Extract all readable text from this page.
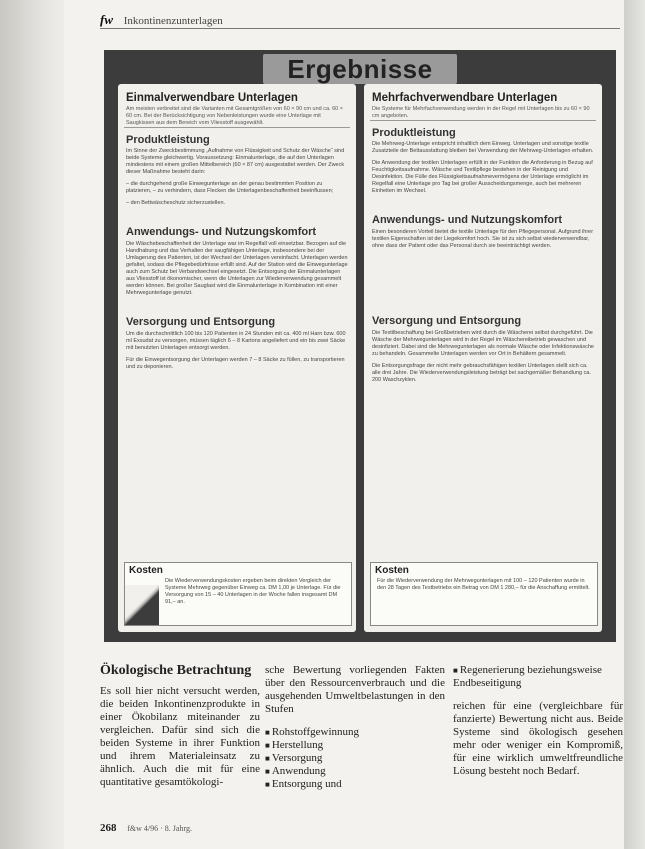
fw Inkontinenzunterlagen
Ergebnisse
Einmalverwendbare Unterlagen
Am meisten verbreitet sind die Varianten mit Gesamtgrößen von 60 × 90 cm und ca. 60 × 60 cm. Bei der Berücksichtigung von Nebenleistungen wurde eine Unterlage mit Saugkissen aus dem Bereich vom Vliesstoff ausgewählt.
Produktleistung

Im Sinne der Zweckbestimmung „Aufnahme von Flüssigkeit und Schutz der Wäsche“ sind beide Systeme gleichwertig. Voraussetzung: Einmalunterlage, die auf den Unterlagen mindestens mit einem großen Mittelbereich (60 × 87 cm) ausgestattet werden. Der Zweck dieser Maßnahme besteht darin:

– die durchgehend große Einwegunterlage an der genau bestimmten Position zu platzieren, – zu verhindern, dass Flecken die Unterlagenbeschaffenheit beeinflussen;

– den Bettwäscheschutz sicherzustellen.

Anwendungs- und Nutzungskomfort

Die Wäschebeschaffenheit der Unterlage war im Regelfall voll einsetzbar. Bezogen auf die Handhabung und das Verhalten der saugfähigen Unterlage, insbesondere bei der Umlagerung des Patienten, ist der Wechsel der Unterlagen vereinfacht. Unterlagen werden gefaltet, sodass die Pflegebedürfnisse erfüllt sind. Auf der Station wird die Einwegunterlage auch zum Schutz bei Verbandwechsel eingesetzt. Die Entsorgung der Einmalunterlagen aus Vliesstoff ist ökonomischer, wenn die Unterlagen zur Wiederverwendung gesammelt werden können. Bei großer Sauglast wird die Einmalunterlage in Kombination mit einer Mehrwegunterlage genutzt.

Versorgung und Entsorgung

Um die durchschnittlich 100 bis 120 Patienten in 24 Stunden mit ca. 400 ml Harn bzw. 600 ml Exsudat zu versorgen, müssen täglich 6 – 8 Kartons angeliefert und ein bis zwei Säcke mit benutzten Unterlagen entsorgt werden.

Für die Einwegentsorgung der Unterlagen werden 7 – 8 Säcke zu füllen, zu transportieren und zu deponieren.

Kosten
Die Wiederverwendungskosten ergeben beim direkten Vergleich der Systeme Mehrweg gegenüber Einweg ca. DM 1,00 je Unterlage. Für die Versorgung von 15 – 40 Unterlagen in der Woche fallen insgesamt DM 91,– an.
Mehrfachverwendbare Unterlagen
Die Systeme für Mehrfachverwendung werden in der Regel mit Unterlagen bis zu 60 × 90 cm angeboten.
Produktleistung

Die Mehrweg-Unterlage entspricht inhaltlich dem Einweg. Unterlagen und sonstige textile Zusatzteile der Bettausstattung bleiben bei Verwendung der Mehrweg-Unterlagen erhalten.

Die Anwendung der textilen Unterlagen erfüllt in der Funktion die Anforderung in Bezug auf Feuchtigkeitsaufnahme. Wäsche und Textilpflege bestehen in der Reinigung und Desinfektion. Die Fülle des Flüssigkeitsaufnahmevermögens der Unterlage ermöglicht im Regelfall eine Unterlage pro Tag bei großer Ausscheidungsmenge, auch bei mehreren Einheiten im Wechsel.

Anwendungs- und Nutzungskomfort

Einen besonderen Vorteil bietet die textile Unterlage für den Pflegepersonal. Aufgrund ihrer textilen Eigenschaften ist der Liegekomfort hoch. Sie ist zu sich selbst wiederverwendbar, ohne dass der Patient oder das Personal durch sie beeinträchtigt werden.

Versorgung und Entsorgung

Die Textilbeschaffung bei Großbetrieben wird durch die Wäscherei selbst durchgeführt. Die Wäsche der Mehrwegunterlagen wird in der Regel im Wäschereibetrieb gewaschen und desinfiziert. Dabei sind die Mehrwegunterlagen als normale Wäsche oder Infektionswäsche zu behandeln. Gesammelte Unterlagen werden vor Ort in Behältern gesammelt.

Die Entsorgungsfrage der nicht mehr gebrauchsfähigen textilen Unterlagen stellt sich ca. alle drei Jahre. Die Wiederverwendungsleistung beträgt bei sachgemäßer Behandlung ca. 200 Waschzyklen.

Kosten
Für die Wiederverwendung der Mehrwegunterlagen mit 100 – 120 Patienten wurde in den 28 Tagen des Testbetriebs ein Betrag von DM 1 280,– für die Anschaffung ermittelt.
Ökologische Betrachtung

Es soll hier nicht versucht werden, die beiden Inkontinenzprodukte in einer Ökobilanz miteinander zu vergleichen. Dafür sind sich die beiden Systeme in ihrer Funktion und ihrem Materialeinsatz zu ähnlich. Auch die mit für eine quantitative gesamtökologi-

sche Bewertung vorliegenden Fakten über den Ressourcenverbrauch und die ausgehenden Umweltbelastungen in den Stufen

■ Rohstoffgewinnung
■ Herstellung
■ Versorgung
■ Anwendung
■ Entsorgung und
■ Regenerierung beziehungsweise Endbeseitigung

reichen für eine (vergleichbare für fanzierte) Bewertung nicht aus. Beide Systeme sind ökologisch gesehen mehr oder weniger ein Kompromiß, für eine wirklich umweltfreundliche Lösung besteht noch Bedarf.

268 f&w 4/96 · 8. Jahrg.
